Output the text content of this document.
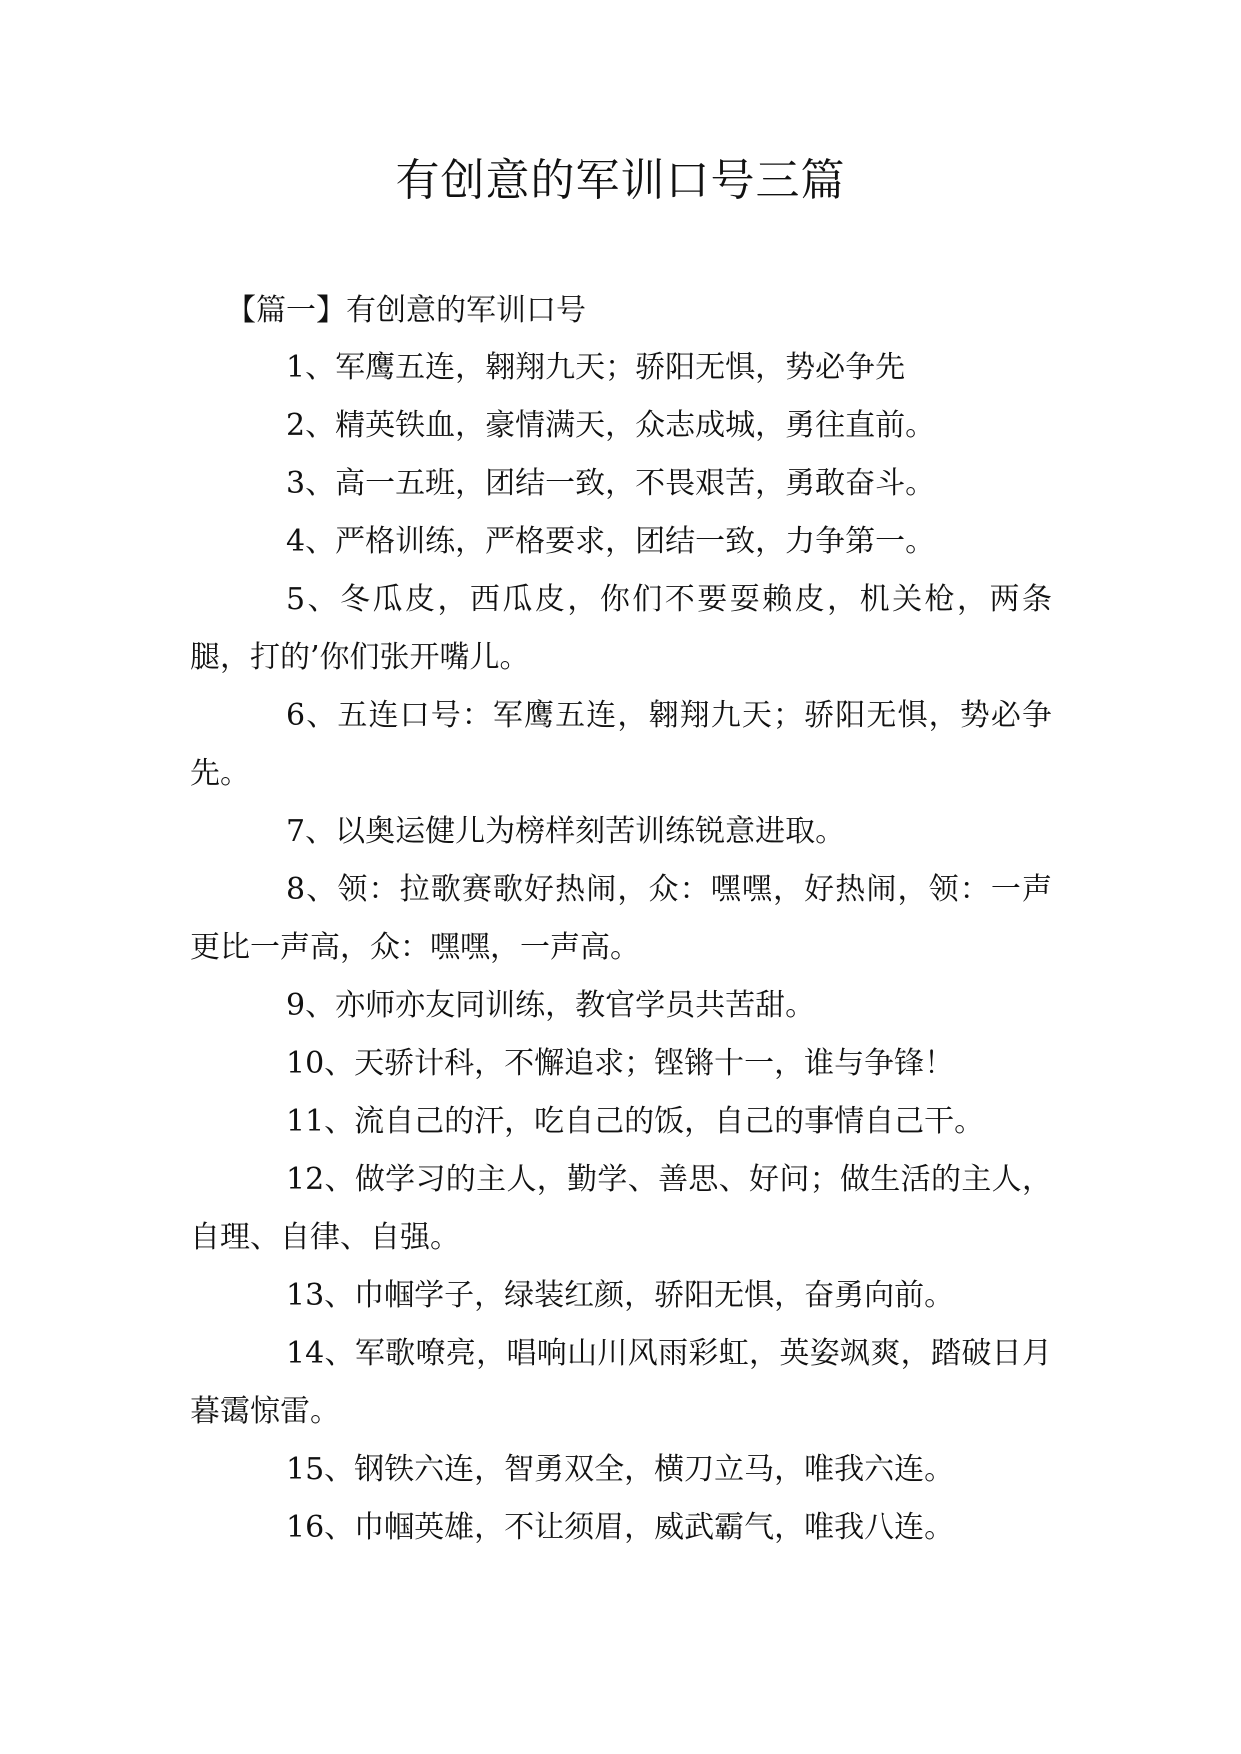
有创意的军训口号三篇

【篇一】有创意的军训口号

1、军鹰五连，翱翔九天；骄阳无惧，势必争先

2、精英铁血，豪情满天，众志成城，勇往直前。

3、高一五班，团结一致，不畏艰苦，勇敢奋斗。

4、严格训练，严格要求，团结一致，力争第一。

5、冬瓜皮，西瓜皮，你们不要耍赖皮，机关枪，两条腿，打的’你们张开嘴儿。

6、五连口号：军鹰五连，翱翔九天；骄阳无惧，势必争先。

7、以奥运健儿为榜样刻苦训练锐意进取。

8、领：拉歌赛歌好热闹，众：嘿嘿，好热闹，领：一声更比一声高，众：嘿嘿，一声高。

9、亦师亦友同训练，教官学员共苦甜。

10、天骄计科，不懈追求；铿锵十一，谁与争锋！

11、流自己的汗，吃自己的饭，自己的事情自己干。

12、做学习的主人，勤学、善思、好问；做生活的主人，自理、自律、自强。

13、巾帼学子，绿装红颜，骄阳无惧，奋勇向前。

14、军歌嘹亮，唱响山川风雨彩虹，英姿飒爽，踏破日月暮霭惊雷。

15、钢铁六连，智勇双全，横刀立马，唯我六连。

16、巾帼英雄，不让须眉，威武霸气，唯我八连。
